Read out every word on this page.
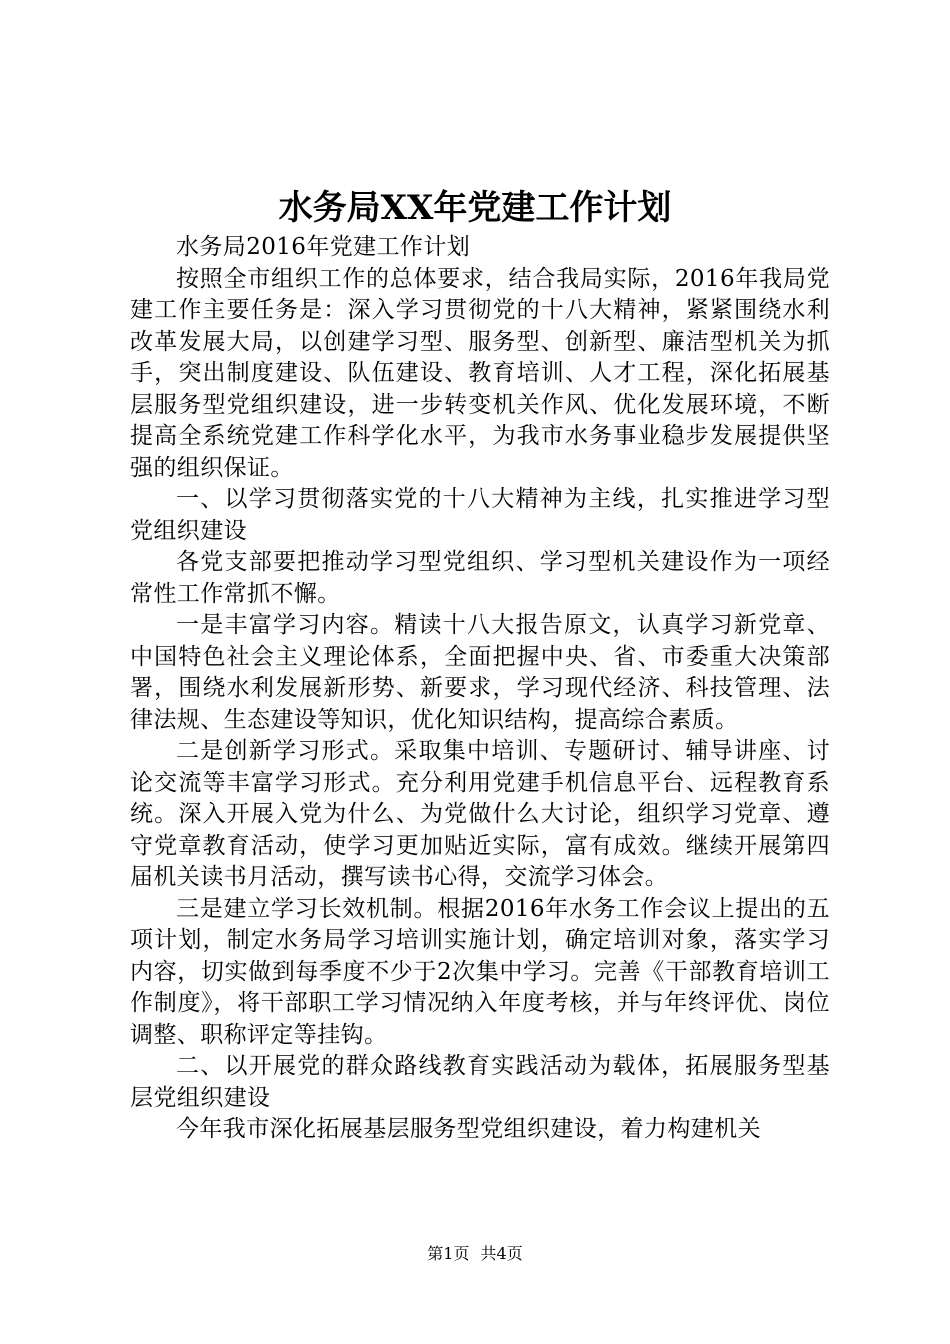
水务局XX年党建工作计划

水务局2016年党建工作计划

按照全市组织工作的总体要求，结合我局实际，2016年我局党建工作主要任务是：深入学习贯彻党的十八大精神，紧紧围绕水利改革发展大局，以创建学习型、服务型、创新型、廉洁型机关为抓手，突出制度建设、队伍建设、教育培训、人才工程，深化拓展基层服务型党组织建设，进一步转变机关作风、优化发展环境，不断提高全系统党建工作科学化水平，为我市水务事业稳步发展提供坚强的组织保证。

一、以学习贯彻落实党的十八大精神为主线，扎实推进学习型党组织建设

各党支部要把推动学习型党组织、学习型机关建设作为一项经常性工作常抓不懈。

一是丰富学习内容。精读十八大报告原文，认真学习新党章、中国特色社会主义理论体系，全面把握中央、省、市委重大决策部署，围绕水利发展新形势、新要求，学习现代经济、科技管理、法律法规、生态建设等知识，优化知识结构，提高综合素质。

二是创新学习形式。采取集中培训、专题研讨、辅导讲座、讨论交流等丰富学习形式。充分利用党建手机信息平台、远程教育系统。深入开展入党为什么、为党做什么大讨论，组织学习党章、遵守党章教育活动，使学习更加贴近实际，富有成效。继续开展第四届机关读书月活动，撰写读书心得，交流学习体会。

三是建立学习长效机制。根据2016年水务工作会议上提出的五项计划，制定水务局学习培训实施计划，确定培训对象，落实学习内容，切实做到每季度不少于2次集中学习。完善《干部教育培训工作制度》，将干部职工学习情况纳入年度考核，并与年终评优、岗位调整、职称评定等挂钩。

二、以开展党的群众路线教育实践活动为载体，拓展服务型基层党组织建设

今年我市深化拓展基层服务型党组织建设，着力构建机关

第1页 共4页
